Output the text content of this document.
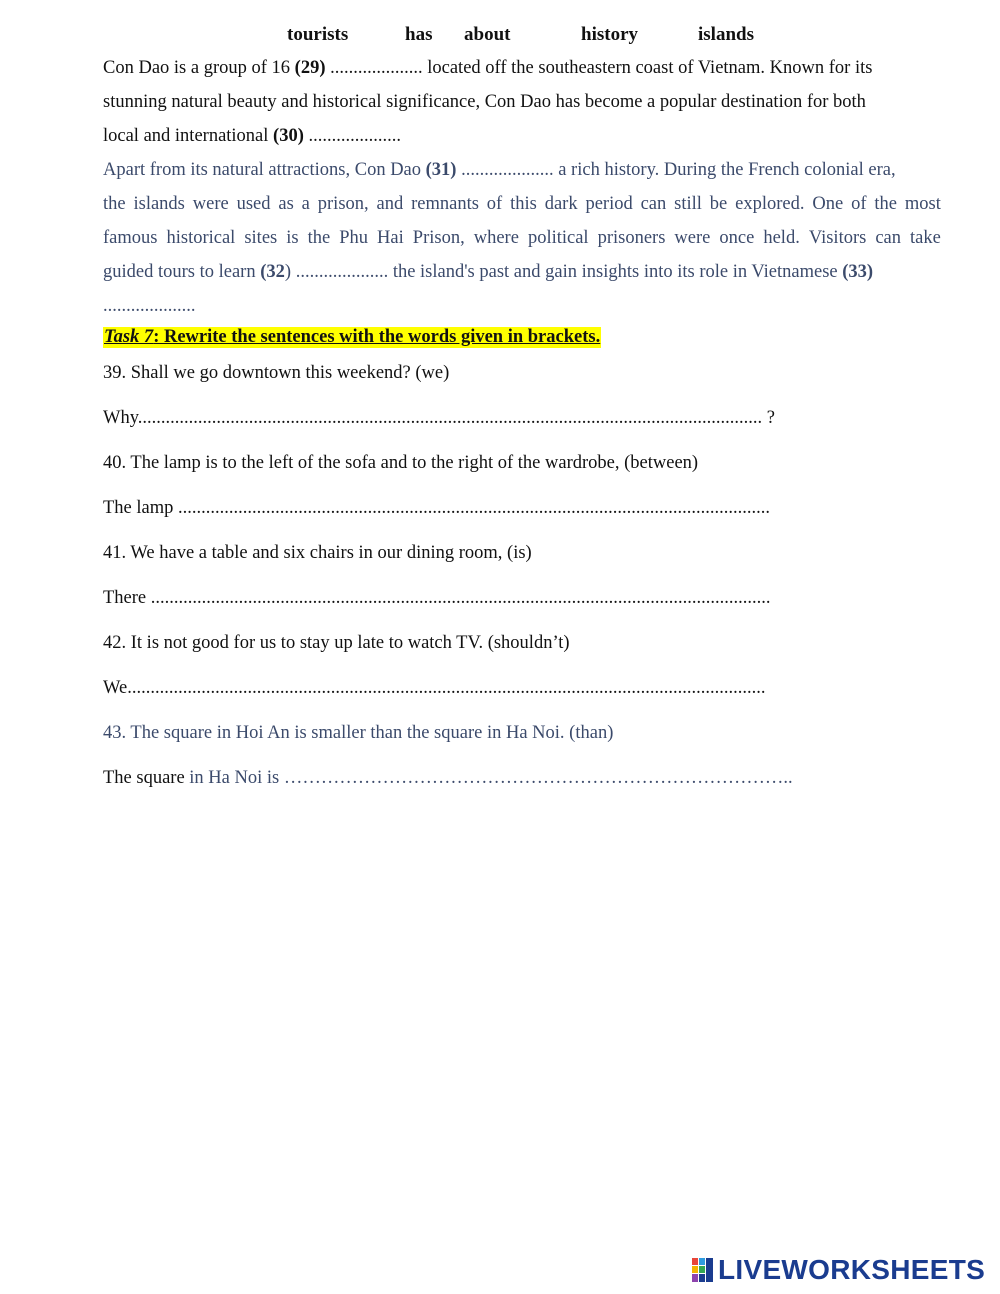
tourists	has about	history	islands
Con Dao is a group of 16 (29) .................... located off the southeastern coast of Vietnam. Known for its
stunning natural beauty and historical significance, Con Dao has become a popular destination for both
local and international (30) ....................
Apart from its natural attractions, Con Dao (31) .................... a rich history. During the French colonial era,
the islands were used as a prison, and remnants of this dark period can still be explored. One of the most
famous historical sites is the Phu Hai Prison, where political prisoners were once held. Visitors can take
guided tours to learn (32) .................... the island's past and gain insights into its role in Vietnamese (33)
....................
Task 7: Rewrite the sentences with the words given in brackets.
39. Shall we go downtown this weekend? (we)
Why....................................................................................................................................... ?
40. The lamp is to the left of the sofa and to the right of the wardrobe, (between)
The lamp ................................................................................................................................
41. We have a table and six chairs in our dining room, (is)
There ......................................................................................................................................
42. It is not good for us to stay up late to watch TV. (shouldn’t)
We..........................................................................................................................................
43. The square in Hoi An is smaller than the square in Ha Noi. (than)
The square in Ha Noi is ………………………………………………………………………..
LIVEWORKSHEETS
